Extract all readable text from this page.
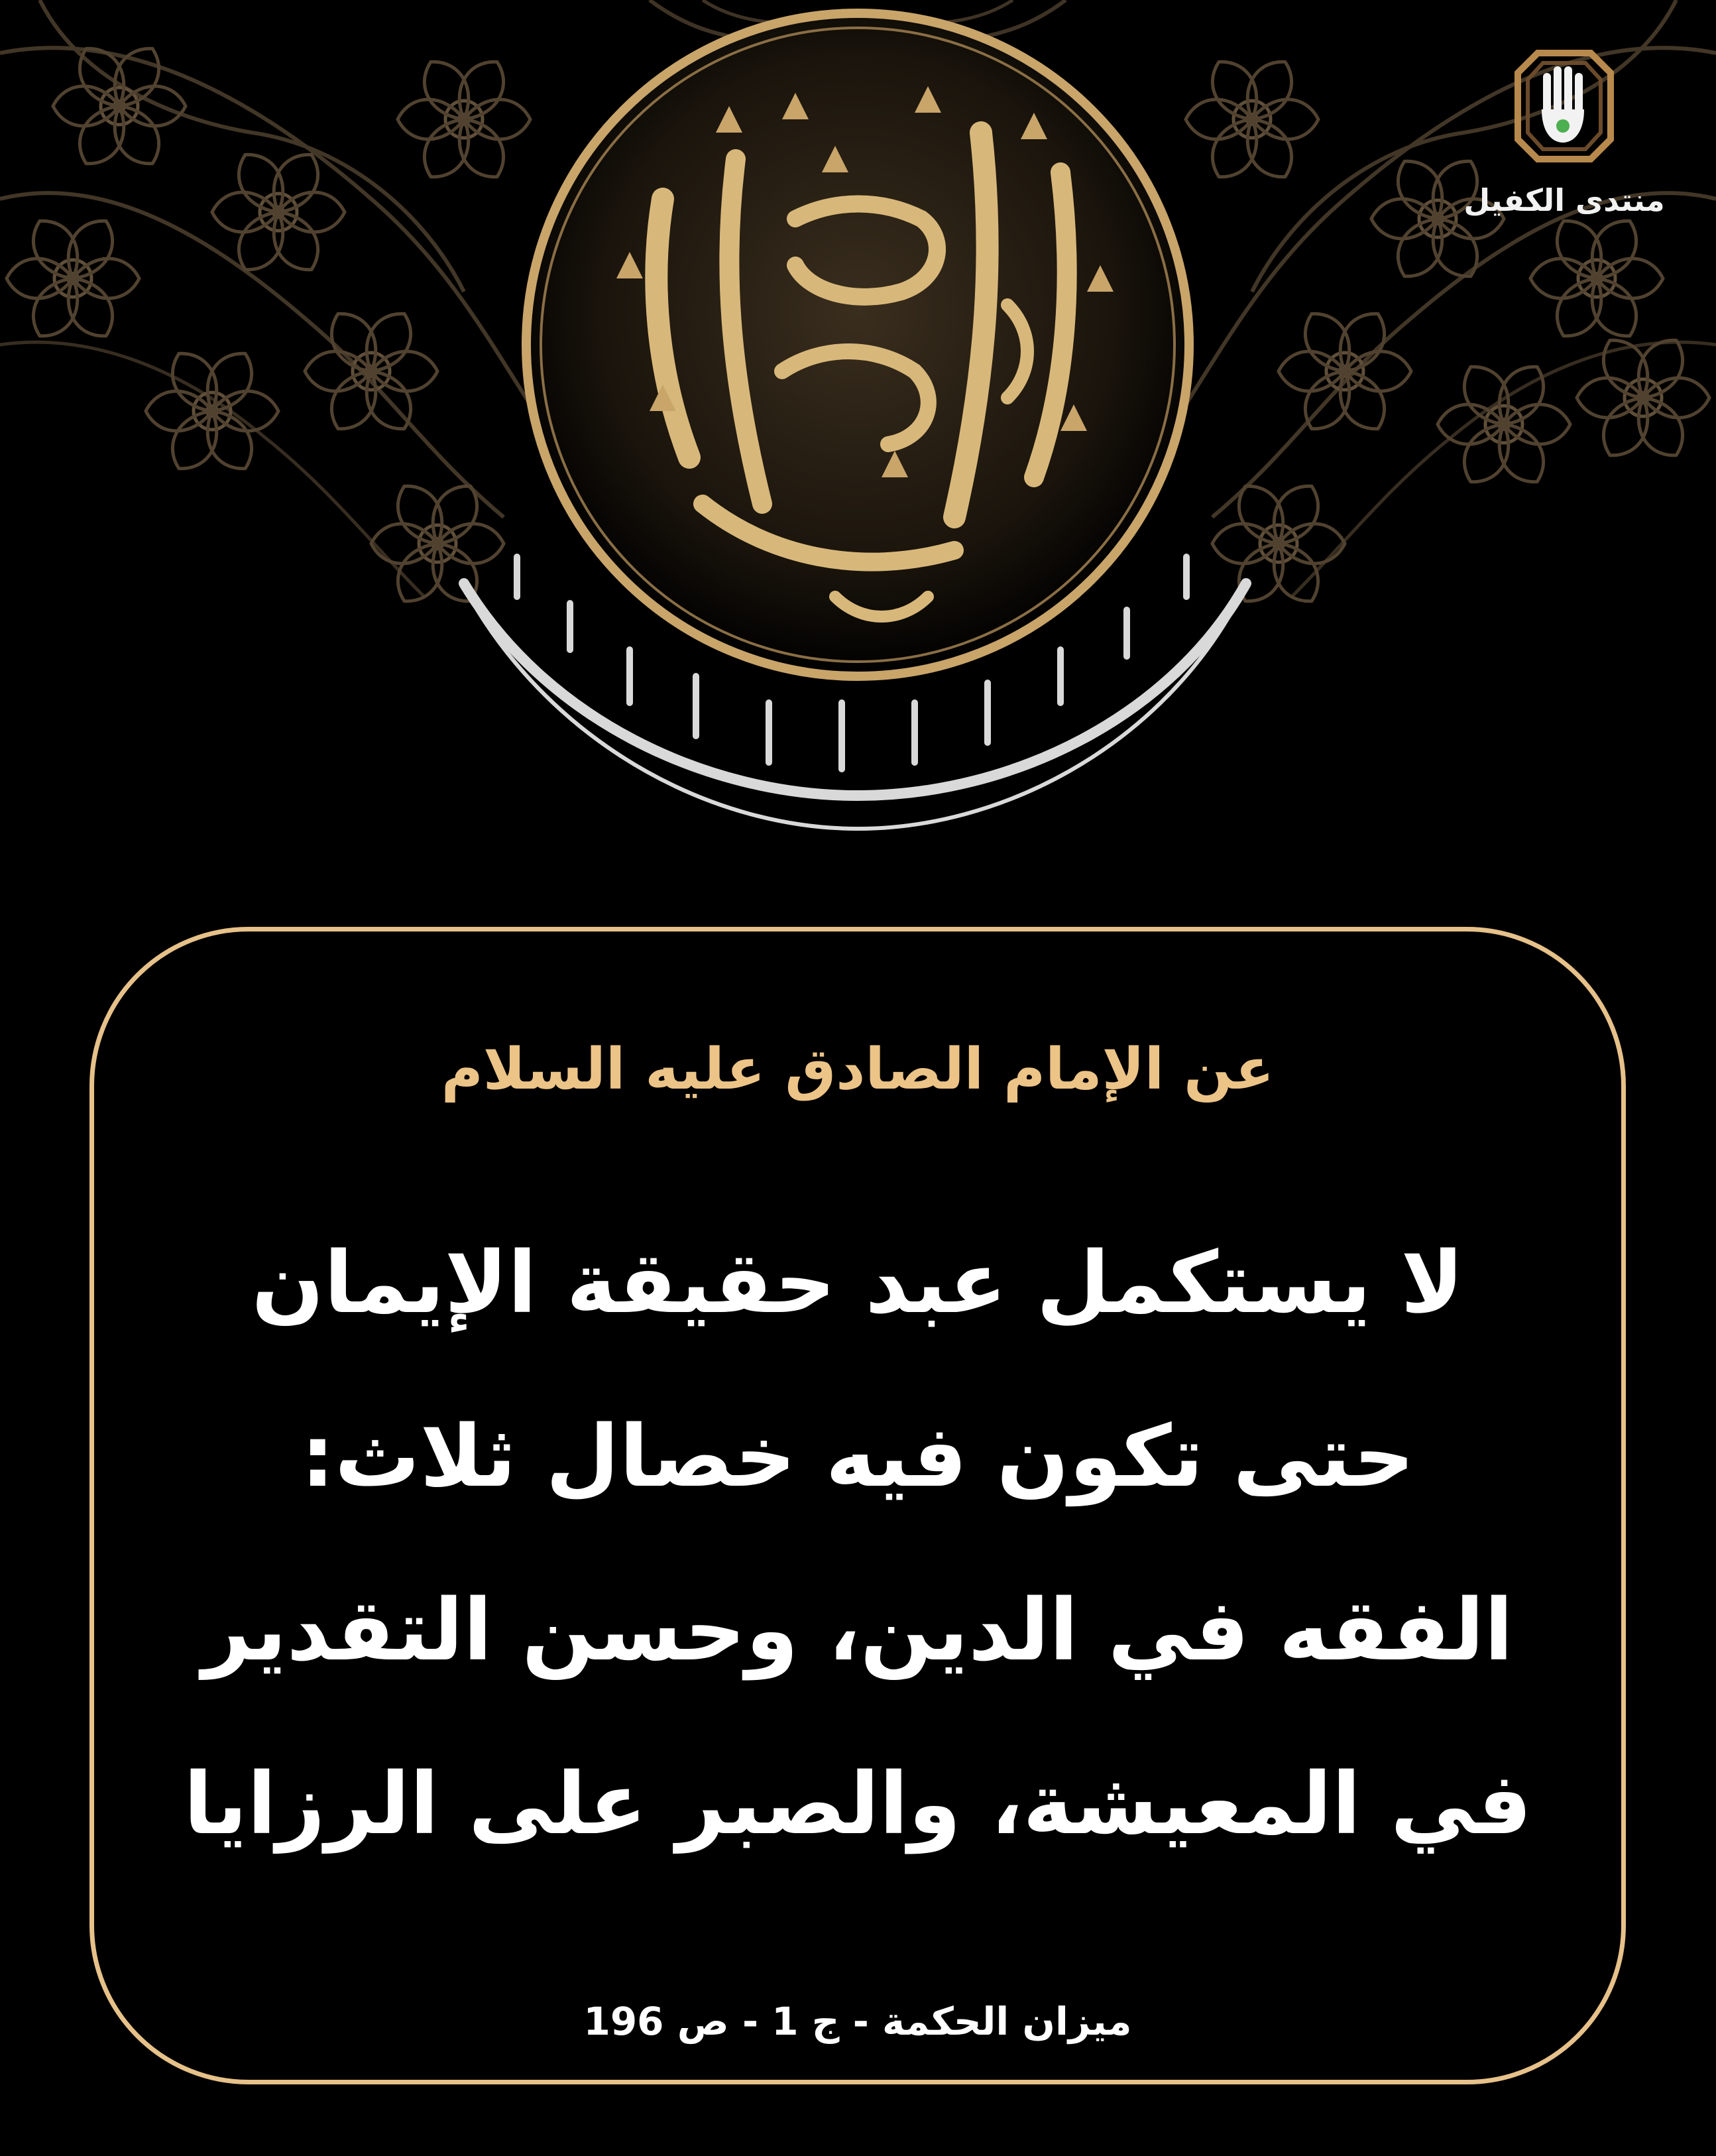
منتدى الكفيل
عن الإمام الصادق عليه السلام
لا يستكمل عبد حقيقة الإيمان
حتى تكون فيه خصال ثلاث:
الفقه في الدين، وحسن التقدير
في المعيشة، والصبر على الرزايا
ميزان الحكمة - ج 1 - ص 196
